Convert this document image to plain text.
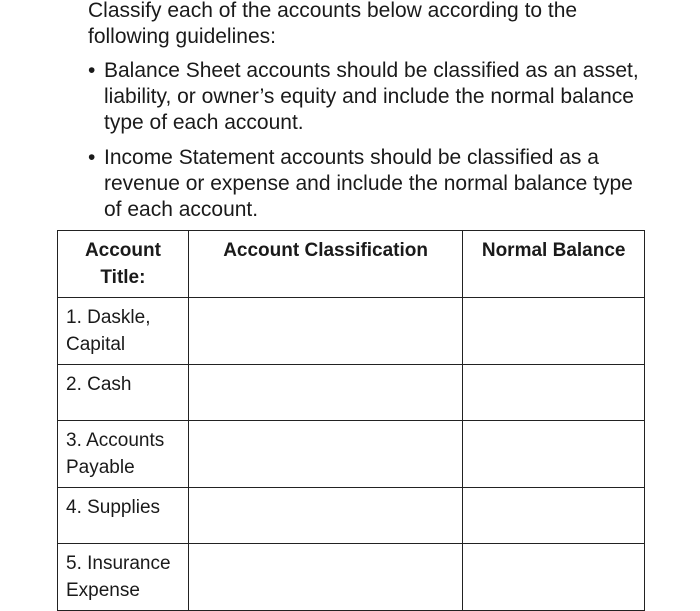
Classify each of the accounts below according to the following guidelines:

• Balance Sheet accounts should be classified as an asset, liability, or owner’s equity and include the normal balance type of each account.
• Income Statement accounts should be classified as a revenue or expense and include the normal balance type of each account.
Account Title:	Account Classification	Normal Balance
1. Daskle, Capital		
2. Cash		
3. Accounts Payable		
4. Supplies		
5. Insurance Expense		
